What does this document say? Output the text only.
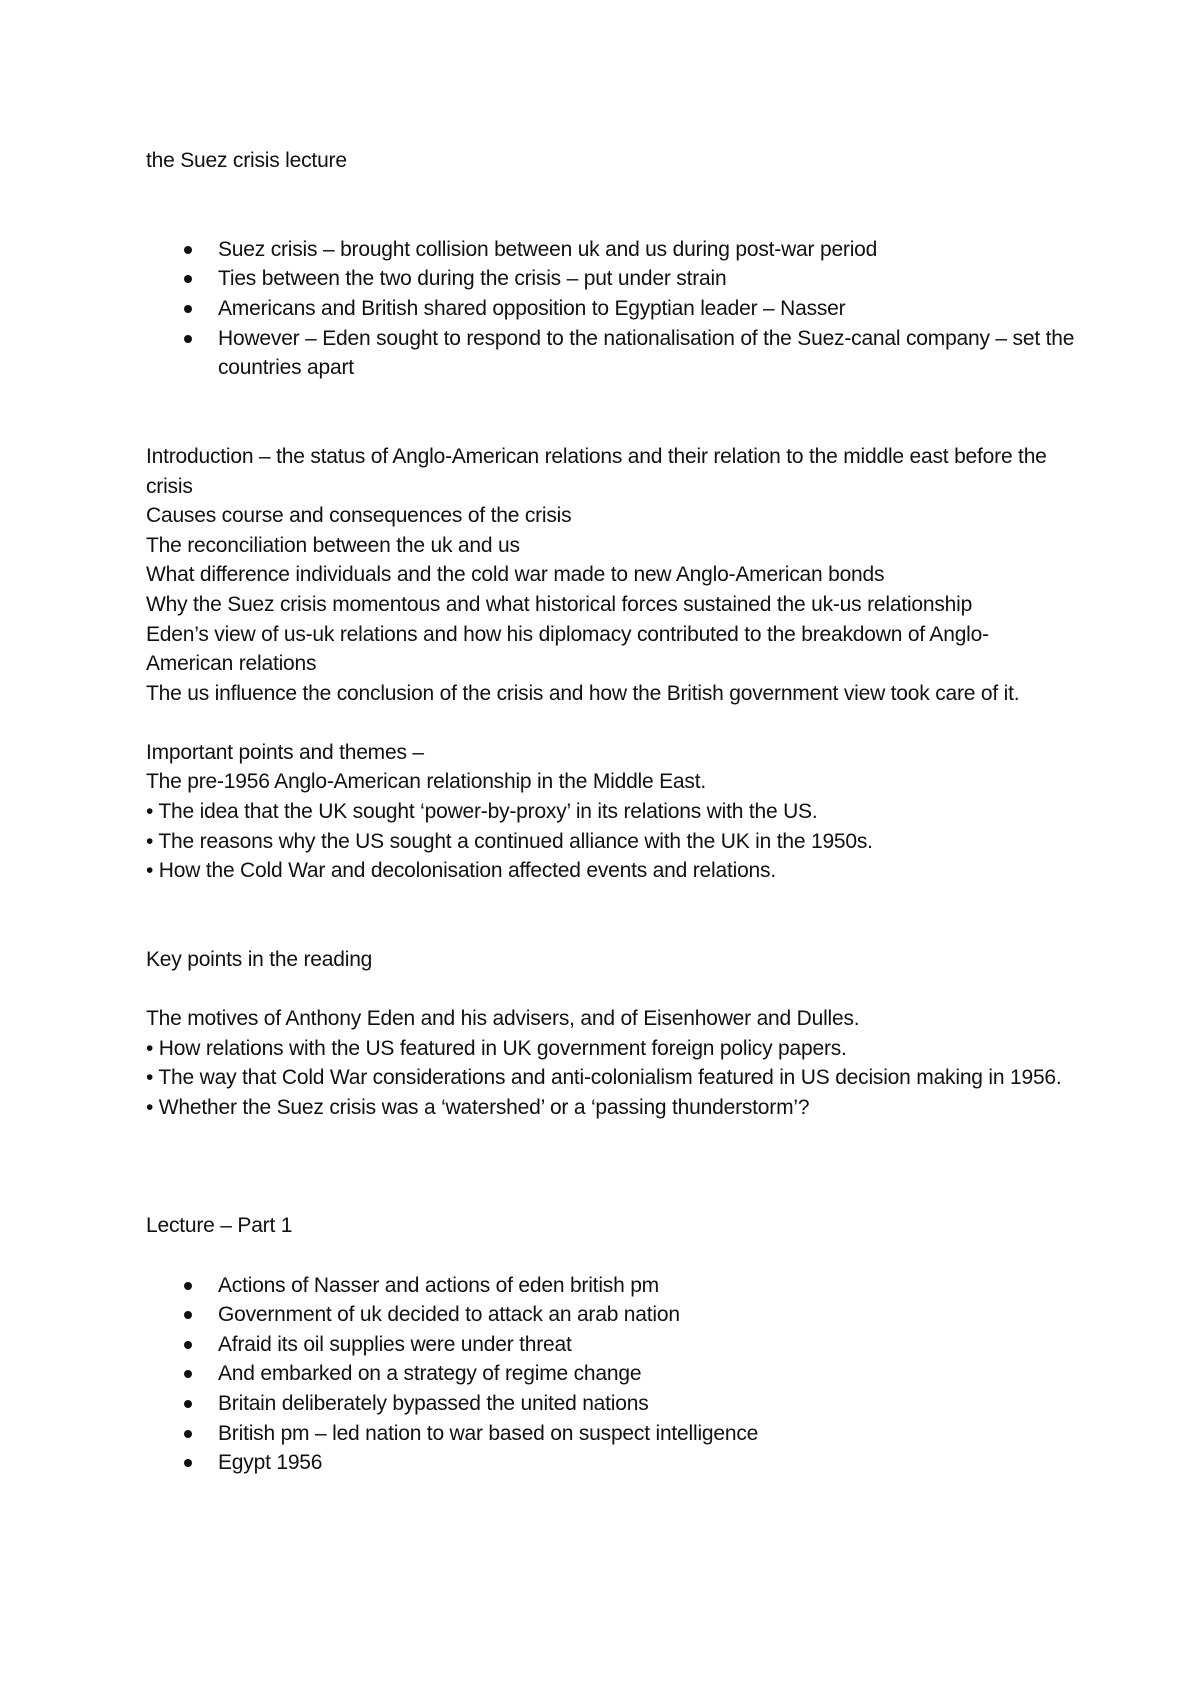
the Suez crisis lecture
Suez crisis – brought collision between uk and us during post-war period
Ties between the two during the crisis – put under strain
Americans and British shared opposition to Egyptian leader – Nasser
However – Eden sought to respond to the nationalisation of the Suez-canal company – set the countries apart
Introduction – the status of Anglo-American relations and their relation to the middle east before the crisis
Causes course and consequences of the crisis
The reconciliation between the uk and us
What difference individuals and the cold war made to new Anglo-American bonds
Why the Suez crisis momentous and what historical forces sustained the uk-us relationship
Eden’s view of us-uk relations and how his diplomacy contributed to the breakdown of Anglo- American relations
The us influence the conclusion of the crisis and how the British government view took care of it.
Important points and themes –
The pre-1956 Anglo-American relationship in the Middle East.
• The idea that the UK sought ‘power-by-proxy’ in its relations with the US.
• The reasons why the US sought a continued alliance with the UK in the 1950s.
• How the Cold War and decolonisation affected events and relations.
Key points in the reading
The motives of Anthony Eden and his advisers, and of Eisenhower and Dulles.
• How relations with the US featured in UK government foreign policy papers.
• The way that Cold War considerations and anti-colonialism featured in US decision making in 1956.
• Whether the Suez crisis was a ‘watershed’ or a ‘passing thunderstorm’?
Lecture – Part 1
Actions of Nasser and actions of eden british pm
Government of uk decided to attack an arab nation
Afraid its oil supplies were under threat
And embarked on a strategy of regime change
Britain deliberately bypassed the united nations
British pm – led nation to war based on suspect intelligence
Egypt 1956
